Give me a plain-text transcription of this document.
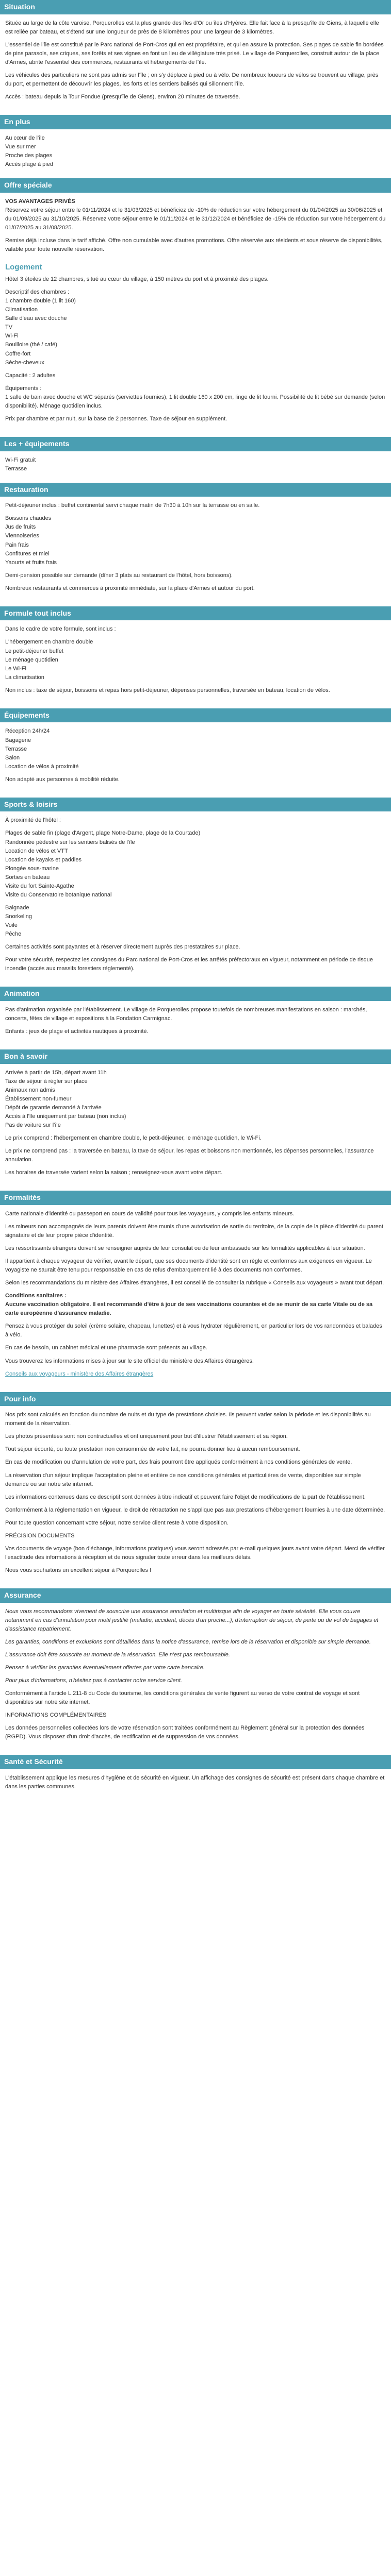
Situation

Située au large de la côte varoise, Porquerolles est la plus grande des îles d'Or ou îles d'Hyères. Elle fait face à la presqu'île de Giens, à laquelle elle est reliée par bateau, et s'étend sur une longueur de près de 8 kilomètres pour une largeur de 3 kilomètres.

L'essentiel de l'île est constitué par le Parc national de Port-Cros qui en est propriétaire, et qui en assure la protection. Ses plages de sable fin bordées de pins parasols, ses criques, ses forêts et ses vignes en font un lieu de villégiature très prisé. Le village de Porquerolles, construit autour de la place d'Armes, abrite l'essentiel des commerces, restaurants et hébergements de l'île.

Les véhicules des particuliers ne sont pas admis sur l'île ; on s'y déplace à pied ou à vélo. De nombreux loueurs de vélos se trouvent au village, près du port, et permettent de découvrir les plages, les forts et les sentiers balisés qui sillonnent l'île.

Accès : bateau depuis la Tour Fondue (presqu'île de Giens), environ 20 minutes de traversée.

En plus
Au cœur de l'île
Vue sur mer
Proche des plages
Accès plage à pied
Offre spéciale
VOS AVANTAGES PRIVÉS

Réservez votre séjour entre le 01/11/2024 et le 31/03/2025 et bénéficiez de -10% de réduction sur votre hébergement du 01/04/2025 au 30/06/2025 et du 01/09/2025 au 31/10/2025. Réservez votre séjour entre le 01/11/2024 et le 31/12/2024 et bénéficiez de -15% de réduction sur votre hébergement du 01/07/2025 au 31/08/2025.

Remise déjà incluse dans le tarif affiché. Offre non cumulable avec d'autres promotions. Offre réservée aux résidents et sous réserve de disponibilités, valable pour toute nouvelle réservation.

Logement

Hôtel 3 étoiles de 12 chambres, situé au cœur du village, à 150 mètres du port et à proximité des plages.

Descriptif des chambres :
1 chambre double (1 lit 160)
Climatisation
Salle d'eau avec douche
TV
Wi-Fi
Bouilloire (thé / café)
Coffre-fort
Sèche-cheveux

Capacité : 2 adultes

Équipements :

1 salle de bain avec douche et WC séparés (serviettes fournies), 1 lit double 160 x 200 cm, linge de lit fourni. Possibilité de lit bébé sur demande (selon disponibilité). Ménage quotidien inclus.

Prix par chambre et par nuit, sur la base de 2 personnes. Taxe de séjour en supplément.

Les + équipements
Wi-Fi gratuit
Terrasse
Restauration

Petit-déjeuner inclus : buffet continental servi chaque matin de 7h30 à 10h sur la terrasse ou en salle.

Boissons chaudes
Jus de fruits
Viennoiseries
Pain frais
Confitures et miel
Yaourts et fruits frais

Demi-pension possible sur demande (dîner 3 plats au restaurant de l'hôtel, hors boissons).

Nombreux restaurants et commerces à proximité immédiate, sur la place d'Armes et autour du port.

Formule tout inclus

Dans le cadre de votre formule, sont inclus :

L'hébergement en chambre double
Le petit-déjeuner buffet
Le ménage quotidien
Le Wi-Fi
La climatisation

Non inclus : taxe de séjour, boissons et repas hors petit-déjeuner, dépenses personnelles, traversée en bateau, location de vélos.

Équipements
Réception 24h/24
Bagagerie
Terrasse
Salon
Location de vélos à proximité

Non adapté aux personnes à mobilité réduite.

Sports & loisirs

À proximité de l'hôtel :

Plages de sable fin (plage d'Argent, plage Notre-Dame, plage de la Courtade)
Randonnée pédestre sur les sentiers balisés de l'île
Location de vélos et VTT
Location de kayaks et paddles
Plongée sous-marine
Sorties en bateau
Visite du fort Sainte-Agathe
Visite du Conservatoire botanique national
Baignade
Snorkeling
Voile
Pêche

Certaines activités sont payantes et à réserver directement auprès des prestataires sur place.

Pour votre sécurité, respectez les consignes du Parc national de Port-Cros et les arrêtés préfectoraux en vigueur, notamment en période de risque incendie (accès aux massifs forestiers réglementé).

Animation

Pas d'animation organisée par l'établissement. Le village de Porquerolles propose toutefois de nombreuses manifestations en saison : marchés, concerts, fêtes de village et expositions à la Fondation Carmignac.

Enfants : jeux de plage et activités nautiques à proximité.

Bon à savoir
Arrivée à partir de 15h, départ avant 11h
Taxe de séjour à régler sur place
Animaux non admis
Établissement non-fumeur
Dépôt de garantie demandé à l'arrivée
Accès à l'île uniquement par bateau (non inclus)
Pas de voiture sur l'île

Le prix comprend : l'hébergement en chambre double, le petit-déjeuner, le ménage quotidien, le Wi-Fi.

Le prix ne comprend pas : la traversée en bateau, la taxe de séjour, les repas et boissons non mentionnés, les dépenses personnelles, l'assurance annulation.

Les horaires de traversée varient selon la saison ; renseignez-vous avant votre départ.

Formalités

Carte nationale d'identité ou passeport en cours de validité pour tous les voyageurs, y compris les enfants mineurs.

Les mineurs non accompagnés de leurs parents doivent être munis d'une autorisation de sortie du territoire, de la copie de la pièce d'identité du parent signataire et de leur propre pièce d'identité.

Les ressortissants étrangers doivent se renseigner auprès de leur consulat ou de leur ambassade sur les formalités applicables à leur situation.

Il appartient à chaque voyageur de vérifier, avant le départ, que ses documents d'identité sont en règle et conformes aux exigences en vigueur. Le voyagiste ne saurait être tenu pour responsable en cas de refus d'embarquement lié à des documents non conformes.

Selon les recommandations du ministère des Affaires étrangères, il est conseillé de consulter la rubrique « Conseils aux voyageurs » avant tout départ.

Conditions sanitaires :

Aucune vaccination obligatoire. Il est recommandé d'être à jour de ses vaccinations courantes et de se munir de sa carte Vitale ou de sa carte européenne d'assurance maladie.

Pensez à vous protéger du soleil (crème solaire, chapeau, lunettes) et à vous hydrater régulièrement, en particulier lors de vos randonnées et balades à vélo.

En cas de besoin, un cabinet médical et une pharmacie sont présents au village.

Vous trouverez les informations mises à jour sur le site officiel du ministère des Affaires étrangères.

Conseils aux voyageurs - ministère des Affaires étrangères

Pour info

Nos prix sont calculés en fonction du nombre de nuits et du type de prestations choisies. Ils peuvent varier selon la période et les disponibilités au moment de la réservation.

Les photos présentées sont non contractuelles et ont uniquement pour but d'illustrer l'établissement et sa région.

Tout séjour écourté, ou toute prestation non consommée de votre fait, ne pourra donner lieu à aucun remboursement.

En cas de modification ou d'annulation de votre part, des frais pourront être appliqués conformément à nos conditions générales de vente.

La réservation d'un séjour implique l'acceptation pleine et entière de nos conditions générales et particulières de vente, disponibles sur simple demande ou sur notre site internet.

Les informations contenues dans ce descriptif sont données à titre indicatif et peuvent faire l'objet de modifications de la part de l'établissement.

Conformément à la réglementation en vigueur, le droit de rétractation ne s'applique pas aux prestations d'hébergement fournies à une date déterminée.

Pour toute question concernant votre séjour, notre service client reste à votre disposition.

PRÉCISION DOCUMENTS

Vos documents de voyage (bon d'échange, informations pratiques) vous seront adressés par e-mail quelques jours avant votre départ. Merci de vérifier l'exactitude des informations à réception et de nous signaler toute erreur dans les meilleurs délais.

Nous vous souhaitons un excellent séjour à Porquerolles !

Assurance

Nous vous recommandons vivement de souscrire une assurance annulation et multirisque afin de voyager en toute sérénité. Elle vous couvre notamment en cas d'annulation pour motif justifié (maladie, accident, décès d'un proche...), d'interruption de séjour, de perte ou de vol de bagages et d'assistance rapatriement.

Les garanties, conditions et exclusions sont détaillées dans la notice d'assurance, remise lors de la réservation et disponible sur simple demande.

L'assurance doit être souscrite au moment de la réservation. Elle n'est pas remboursable.

Pensez à vérifier les garanties éventuellement offertes par votre carte bancaire.

Pour plus d'informations, n'hésitez pas à contacter notre service client.

Conformément à l'article L.211-8 du Code du tourisme, les conditions générales de vente figurent au verso de votre contrat de voyage et sont disponibles sur notre site internet.

INFORMATIONS COMPLÉMENTAIRES

Les données personnelles collectées lors de votre réservation sont traitées conformément au Règlement général sur la protection des données (RGPD). Vous disposez d'un droit d'accès, de rectification et de suppression de vos données.

Santé et Sécurité

L'établissement applique les mesures d'hygiène et de sécurité en vigueur. Un affichage des consignes de sécurité est présent dans chaque chambre et dans les parties communes.
